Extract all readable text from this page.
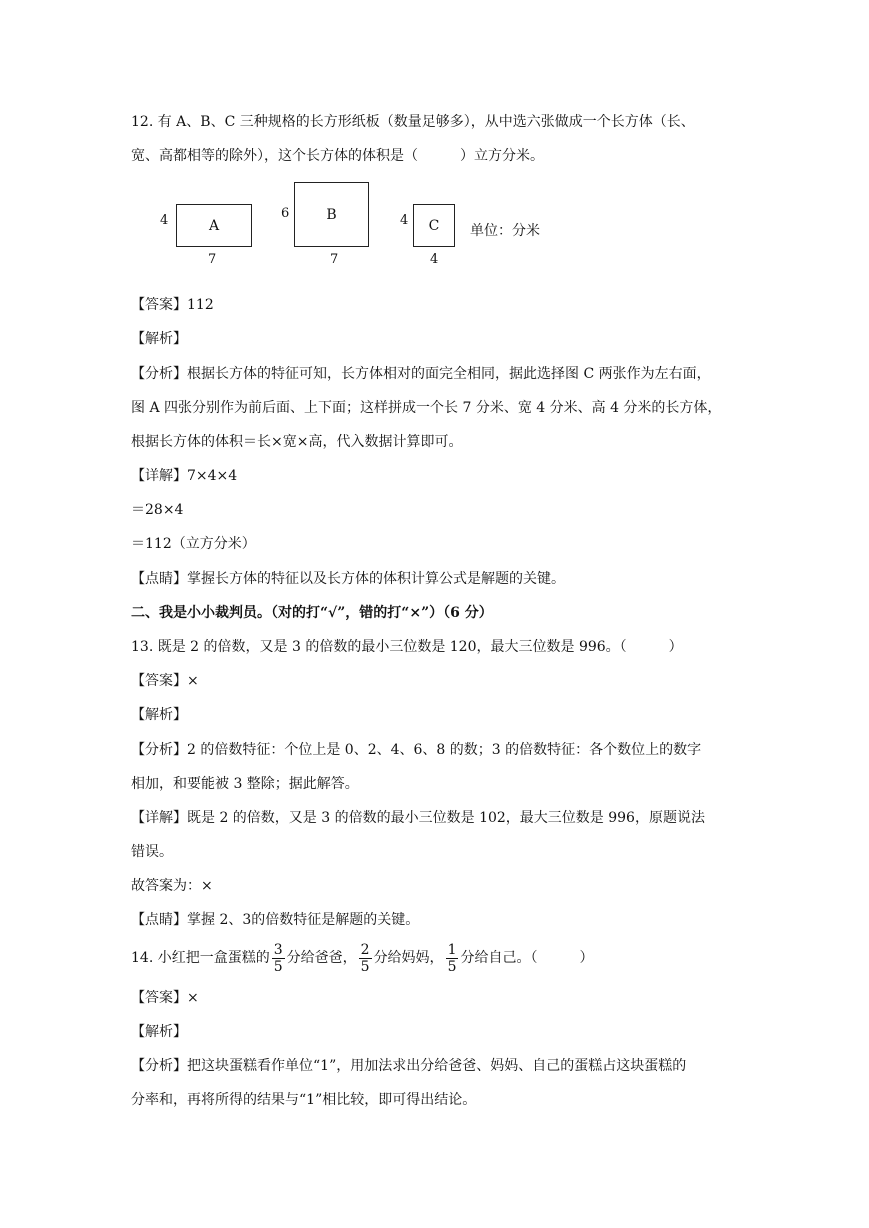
12. 有 A、B、C 三种规格的长方形纸板（数量足够多），从中选六张做成一个长方体（长、
宽、高都相等的除外），这个长方体的体积是（　　　）立方分米。
4	A
7
6	B
7
4	C
4
单位：分米
【答案】112
【解析】
【分析】根据长方体的特征可知，长方体相对的面完全相同，据此选择图 C 两张作为左右面，
图 A 四张分别作为前后面、上下面；这样拼成一个长 7 分米、宽 4 分米、高 4 分米的长方体，
根据长方体的体积＝长×宽×高，代入数据计算即可。
【详解】7×4×4
＝28×4
＝112（立方分米）
【点睛】掌握长方体的特征以及长方体的体积计算公式是解题的关键。
二、我是小小裁判员。（对的打“√”，错的打“×”）（6 分）
13. 既是 2 的倍数，又是 3 的倍数的最小三位数是 120，最大三位数是 996。（　　　）
【答案】×
【解析】
【分析】2 的倍数特征：个位上是 0、2、4、6、8 的数；3 的倍数特征：各个数位上的数字
相加，和要能被 3 整除；据此解答。
【详解】既是 2 的倍数，又是 3 的倍数的最小三位数是 102，最大三位数是 996，原题说法
错误。
故答案为：×
【点睛】掌握 2、3的倍数特征是解题的关键。
14. 小红把一盒蛋糕的 $\frac{3}{5}$ 分给爸爸， $\frac{2}{5}$ 分给妈妈， $\frac{1}{5}$ 分给自己。（　　　）
【答案】×
【解析】
【分析】把这块蛋糕看作单位“1”，用加法求出分给爸爸、妈妈、自己的蛋糕占这块蛋糕的
分率和，再将所得的结果与“1”相比较，即可得出结论。
